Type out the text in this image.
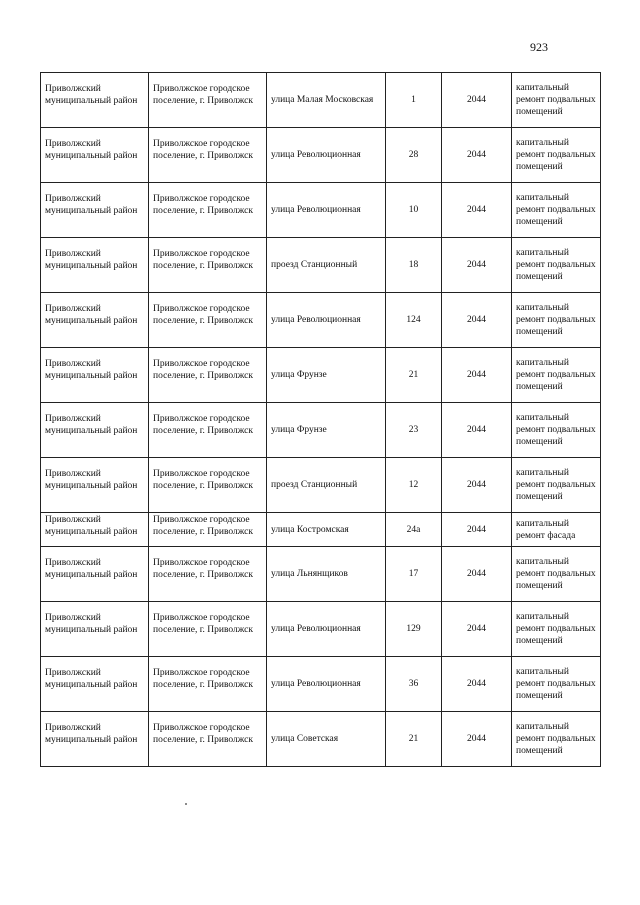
923
Приволжский муниципальный район	Приволжское городское поселение, г. Приволжск	улица Малая Московская	1	2044	капитальный ремонт подвальных помещений
Приволжский муниципальный район	Приволжское городское поселение, г. Приволжск	улица Революционная	28	2044	капитальный ремонт подвальных помещений
Приволжский муниципальный район	Приволжское городское поселение, г. Приволжск	улица Революционная	10	2044	капитальный ремонт подвальных помещений
Приволжский муниципальный район	Приволжское городское поселение, г. Приволжск	проезд Станционный	18	2044	капитальный ремонт подвальных помещений
Приволжский муниципальный район	Приволжское городское поселение, г. Приволжск	улица Революционная	124	2044	капитальный ремонт подвальных помещений
Приволжский муниципальный район	Приволжское городское поселение, г. Приволжск	улица Фрунзе	21	2044	капитальный ремонт подвальных помещений
Приволжский муниципальный район	Приволжское городское поселение, г. Приволжск	улица Фрунзе	23	2044	капитальный ремонт подвальных помещений
Приволжский муниципальный район	Приволжское городское поселение, г. Приволжск	проезд Станционный	12	2044	капитальный ремонт подвальных помещений
Приволжский муниципальный район	Приволжское городское поселение, г. Приволжск	улица Костромская	24а	2044	капитальный ремонт фасада
Приволжский муниципальный район	Приволжское городское поселение, г. Приволжск	улица Льнянщиков	17	2044	капитальный ремонт подвальных помещений
Приволжский муниципальный район	Приволжское городское поселение, г. Приволжск	улица Революционная	129	2044	капитальный ремонт подвальных помещений
Приволжский муниципальный район	Приволжское городское поселение, г. Приволжск	улица Революционная	36	2044	капитальный ремонт подвальных помещений
Приволжский муниципальный район	Приволжское городское поселение, г. Приволжск	улица Советская	21	2044	капитальный ремонт подвальных помещений
